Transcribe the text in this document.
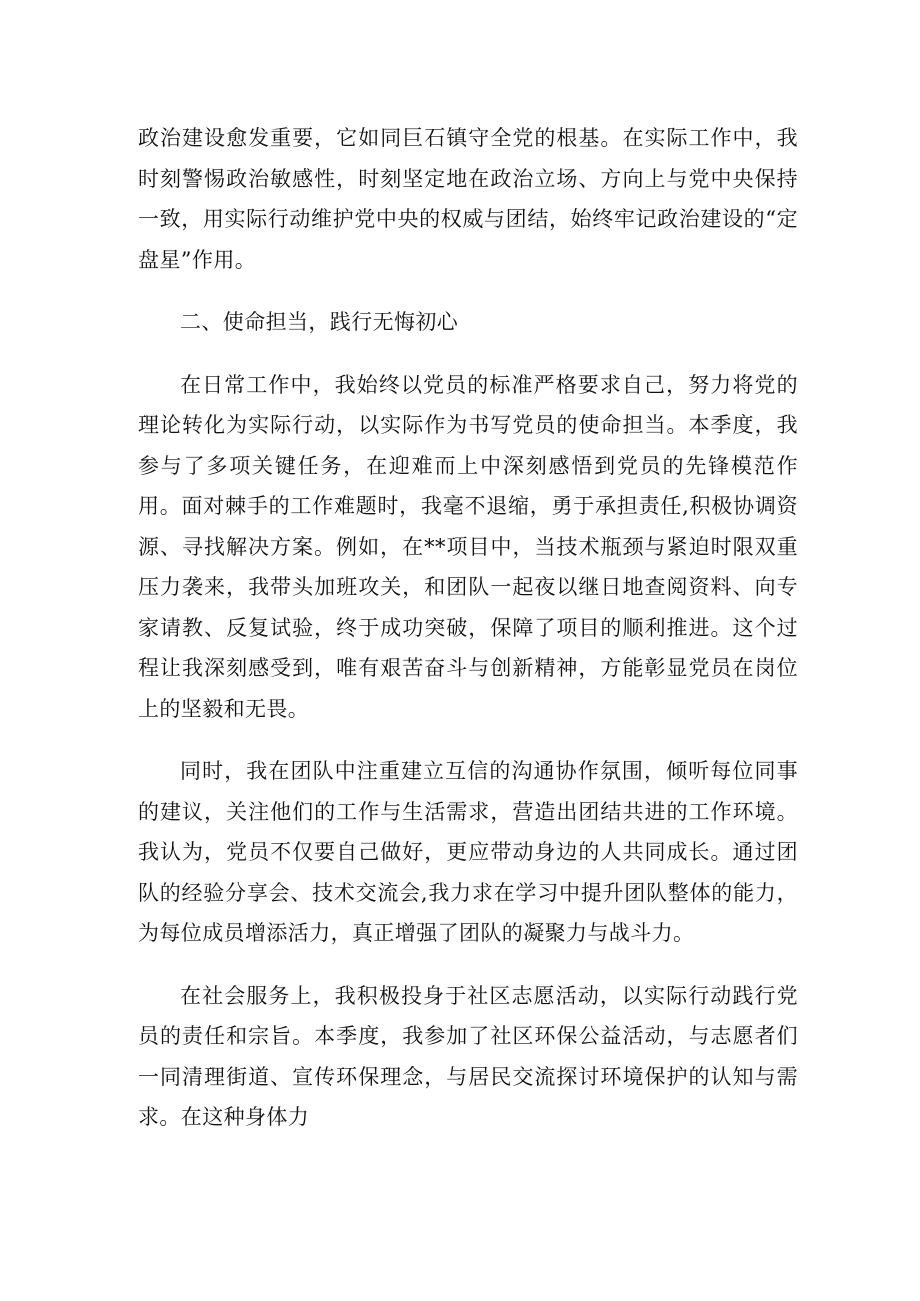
政治建设愈发重要，它如同巨石镇守全党的根基。在实际工作中，我时刻警惕政治敏感性，时刻坚定地在政治立场、方向上与党中央保持一致，用实际行动维护党中央的权威与团结，始终牢记政治建设的“定盘星”作用。

二、使命担当，践行无悔初心

在日常工作中，我始终以党员的标准严格要求自己，努力将党的理论转化为实际行动，以实际作为书写党员的使命担当。本季度，我参与了多项关键任务，在迎难而上中深刻感悟到党员的先锋模范作用。面对棘手的工作难题时，我毫不退缩，勇于承担责任,积极协调资源、寻找解决方案。例如，在**项目中，当技术瓶颈与紧迫时限双重压力袭来，我带头加班攻关，和团队一起夜以继日地查阅资料、向专家请教、反复试验，终于成功突破，保障了项目的顺利推进。这个过程让我深刻感受到，唯有艰苦奋斗与创新精神，方能彰显党员在岗位上的坚毅和无畏。

同时，我在团队中注重建立互信的沟通协作氛围，倾听每位同事的建议，关注他们的工作与生活需求，营造出团结共进的工作环境。我认为，党员不仅要自己做好，更应带动身边的人共同成长。通过团队的经验分享会、技术交流会,我力求在学习中提升团队整体的能力，为每位成员增添活力，真正增强了团队的凝聚力与战斗力。

在社会服务上，我积极投身于社区志愿活动，以实际行动践行党员的责任和宗旨。本季度，我参加了社区环保公益活动，与志愿者们一同清理街道、宣传环保理念，与居民交流探讨环境保护的认知与需求。在这种身体力
